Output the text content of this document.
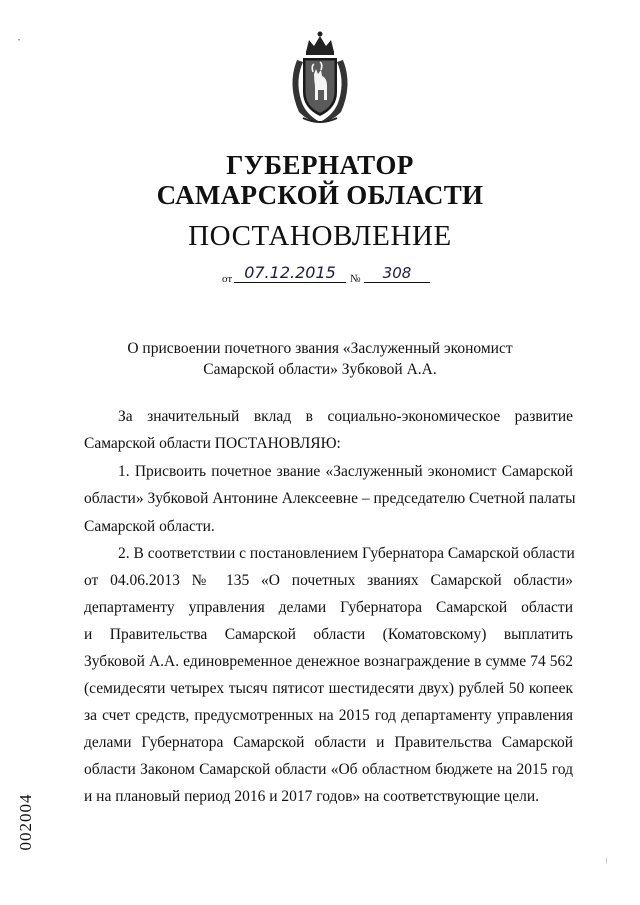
ГУБЕРНАТОР
САМАРСКОЙ ОБЛАСТИ
ПОСТАНОВЛЕНИЕ
от 07.12.2015	№	308
О присвоении почетного звания «Заслуженный экономист
Самарской области» Зубковой А.А.
За значительный вклад в социально-экономическое развитие
Самарской области ПОСТАНОВЛЯЮ:
1. Присвоить почетное звание «Заслуженный экономист Самарской
области» Зубковой Антонине Алексеевне – председателю Счетной палаты
Самарской области.
2. В соответствии с постановлением Губернатора Самарской области
от 04.06.2013 № 135 «О почетных званиях Самарской области»
департаменту управления делами Губернатора Самарской области
и Правительства Самарской области (Коматовскому) выплатить
Зубковой А.А. единовременное денежное вознаграждение в сумме 74 562
(семидесяти четырех тысяч пятисот шестидесяти двух) рублей 50 копеек
за счет средств, предусмотренных на 2015 год департаменту управления
делами Губернатора Самарской области и Правительства Самарской
области Законом Самарской области «Об областном бюджете на 2015 год
и на плановый период 2016 и 2017 годов» на соответствующие цели.
002004
•
|
